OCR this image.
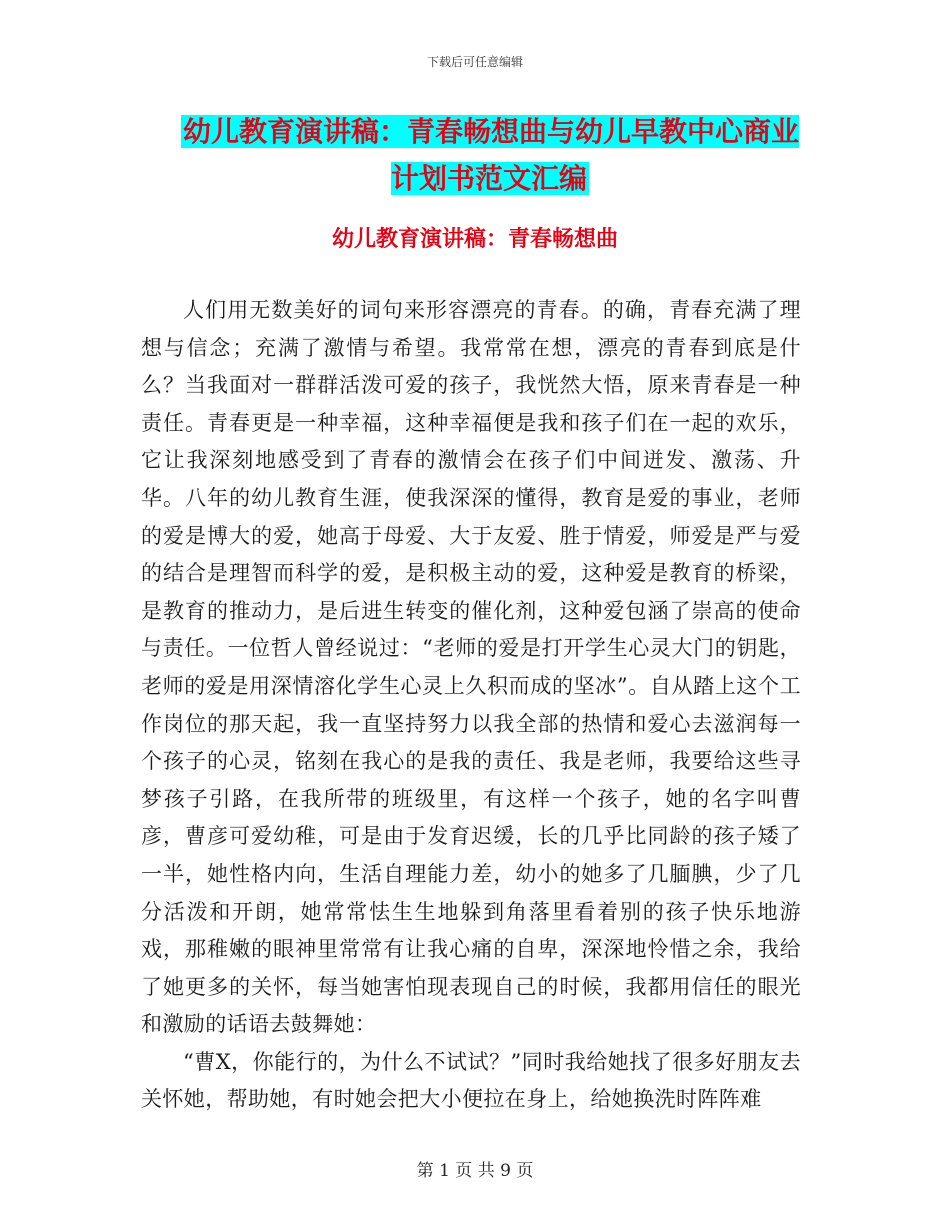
下载后可任意编辑
幼儿教育演讲稿：青春畅想曲与幼儿早教中心商业计划书范文汇编
幼儿教育演讲稿：青春畅想曲

人们用无数美好的词句来形容漂亮的青春。的确，青春充满了理想与信念；充满了激情与希望。我常常在想，漂亮的青春到底是什么？当我面对一群群活泼可爱的孩子，我恍然大悟，原来青春是一种责任。青春更是一种幸福，这种幸福便是我和孩子们在一起的欢乐，它让我深刻地感受到了青春的激情会在孩子们中间迸发、激荡、升华。八年的幼儿教育生涯，使我深深的懂得，教育是爱的事业，老师的爱是博大的爱，她高于母爱、大于友爱、胜于情爱，师爱是严与爱的结合是理智而科学的爱，是积极主动的爱，这种爱是教育的桥梁，是教育的推动力，是后进生转变的催化剂，这种爱包涵了崇高的使命与责任。一位哲人曾经说过：“老师的爱是打开学生心灵大门的钥匙，老师的爱是用深情溶化学生心灵上久积而成的坚冰”。自从踏上这个工作岗位的那天起，我一直坚持努力以我全部的热情和爱心去滋润每一个孩子的心灵，铭刻在我心的是我的责任、我是老师，我要给这些寻梦孩子引路，在我所带的班级里，有这样一个孩子，她的名字叫曹彦，曹彦可爱幼稚，可是由于发育迟缓，长的几乎比同龄的孩子矮了一半，她性格内向，生活自理能力差，幼小的她多了几腼腆，少了几分活泼和开朗，她常常怯生生地躲到角落里看着别的孩子快乐地游戏，那稚嫩的眼神里常常有让我心痛的自卑，深深地怜惜之余，我给了她更多的关怀，每当她害怕现表现自己的时候，我都用信任的眼光和激励的话语去鼓舞她：

“曹X，你能行的，为什么不试试？”同时我给她找了很多好朋友去关怀她，帮助她，有时她会把大小便拉在身上，给她换洗时阵阵难

第 1 页 共 9 页
